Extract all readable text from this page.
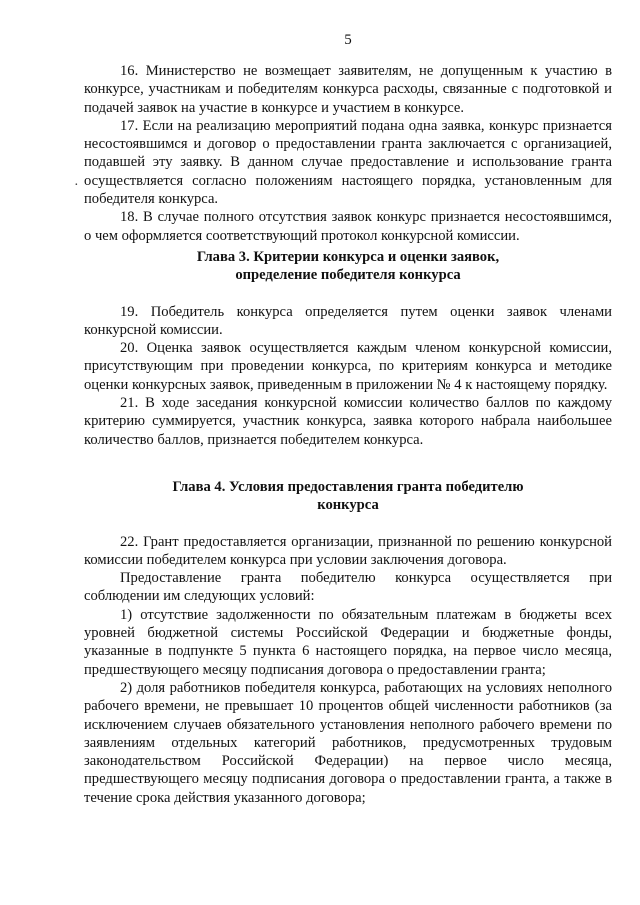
·
5

16. Министерство не возмещает заявителям, не допущенным к участию в конкурсе, участникам и победителям конкурса расходы, связанные с подготовкой и подачей заявок на участие в конкурсе и участием в конкурсе.

17. Если на реализацию мероприятий подана одна заявка, конкурс признается несостоявшимся и договор о предоставлении гранта заключается с организацией, подавшей эту заявку. В данном случае предоставление и использование гранта осуществляется согласно положениям настоящего порядка, установленным для победителя конкурса.

18. В случае полного отсутствия заявок конкурс признается несостоявшимся, о чем оформляется соответствующий протокол конкурсной комиссии.

Глава 3. Критерии конкурса и оценки заявок,
определение победителя конкурса

19. Победитель конкурса определяется путем оценки заявок членами конкурсной комиссии.

20. Оценка заявок осуществляется каждым членом конкурсной комиссии, присутствующим при проведении конкурса, по критериям конкурса и методике оценки конкурсных заявок, приведенным в приложении № 4 к настоящему порядку.

21. В ходе заседания конкурсной комиссии количество баллов по каждому критерию суммируется, участник конкурса, заявка которого набрала наибольшее количество баллов, признается победителем конкурса.

Глава 4. Условия предоставления гранта победителю
конкурса

22. Грант предоставляется организации, признанной по решению конкурсной комиссии победителем конкурса при условии заключения договора.

Предоставление гранта победителю конкурса осуществляется при соблюдении им следующих условий:

1) отсутствие задолженности по обязательным платежам в бюджеты всех уровней бюджетной системы Российской Федерации и бюджетные фонды, указанные в подпункте 5 пункта 6 настоящего порядка, на первое число месяца, предшествующего месяцу подписания договора о предоставлении гранта;

2) доля работников победителя конкурса, работающих на условиях неполного рабочего времени, не превышает 10 процентов общей численности работников (за исключением случаев обязательного установления неполного рабочего времени по заявлениям отдельных категорий работников, предусмотренных трудовым законодательством Российской Федерации) на первое число месяца, предшествующего месяцу подписания договора о предоставлении гранта, а также в течение срока действия указанного договора;
